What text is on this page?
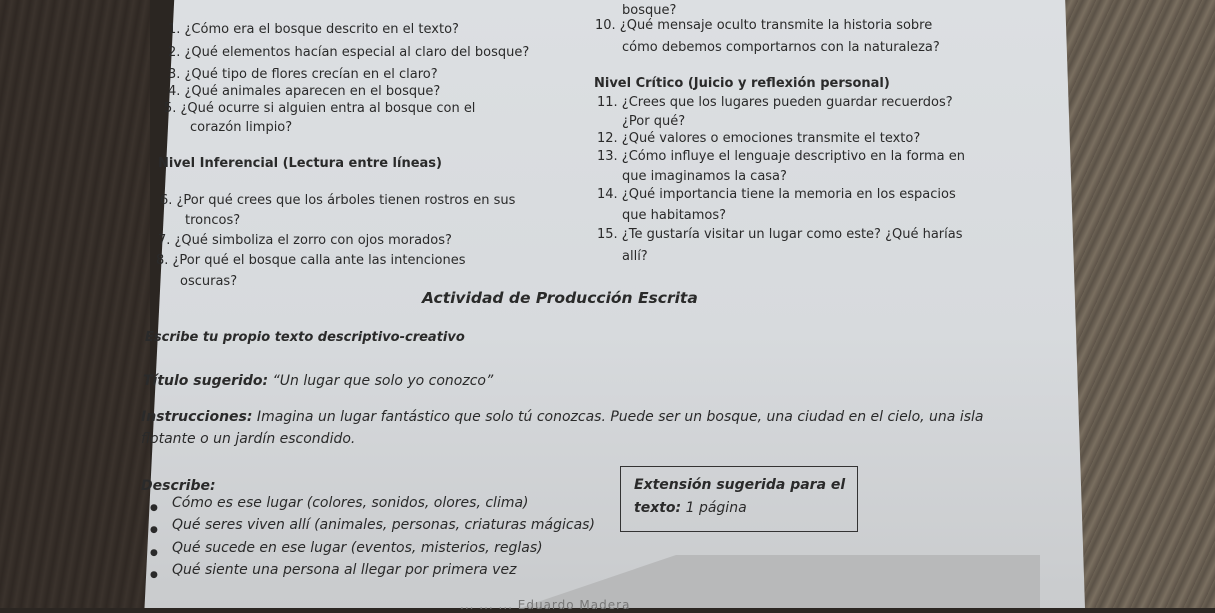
1. ¿Cómo era el bosque descrito en el texto?
2. ¿Qué elementos hacían especial al claro del bosque?
3. ¿Qué tipo de flores crecían en el claro?
4. ¿Qué animales aparecen en el bosque?
5. ¿Qué ocurre si alguien entra al bosque con el
corazón limpio?
Nivel Inferencial (Lectura entre líneas)
6. ¿Por qué crees que los árboles tienen rostros en sus
troncos?
7. ¿Qué simboliza el zorro con ojos morados?
8. ¿Por qué el bosque calla ante las intenciones
oscuras?
bosque?
10. ¿Qué mensaje oculto transmite la historia sobre
cómo debemos comportarnos con la naturaleza?
Nivel Crítico (Juicio y reflexión personal)
11. ¿Crees que los lugares pueden guardar recuerdos?
¿Por qué?
12. ¿Qué valores o emociones transmite el texto?
13. ¿Cómo influye el lenguaje descriptivo en la forma en
que imaginamos la casa?
14. ¿Qué importancia tiene la memoria en los espacios
que habitamos?
15. ¿Te gustaría visitar un lugar como este? ¿Qué harías
allí?
Actividad de Producción Escrita
Escribe tu propio texto descriptivo-creativo
Título sugerido: “Un lugar que solo yo conozco”
Instrucciones: Imagina un lugar fantástico que solo tú conozcas. Puede ser un bosque, una ciudad en el cielo, una isla
flotante o un jardín escondido.
Describe:
● Cómo es ese lugar (colores, sonidos, olores, clima)
● Qué seres viven allí (animales, personas, criaturas mágicas)
● Qué sucede en ese lugar (eventos, misterios, reglas)
● Qué siente una persona al llegar por primera vez
Extensión sugerida para el
texto: 1 página
... ... ... Eduardo Madera
